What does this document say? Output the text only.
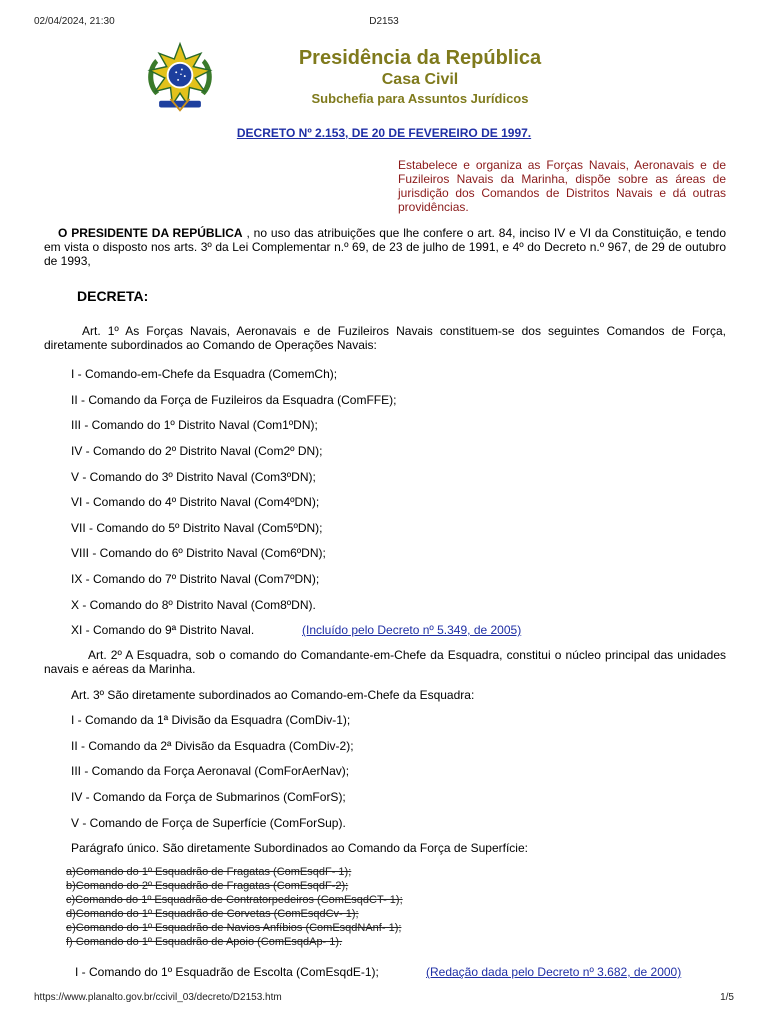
02/04/2024, 21:30	D2153
Presidência da República
Casa Civil
Subchefia para Assuntos Jurídicos
DECRETO Nº 2.153, DE 20 DE FEVEREIRO DE 1997.
Estabelece e organiza as Forças Navais, Aeronavais e de Fuzileiros Navais da Marinha, dispõe sobre as áreas de jurisdição dos Comandos de Distritos Navais e dá outras providências.
O PRESIDENTE DA REPÚBLICA , no uso das atribuições que lhe confere o art. 84, inciso IV e VI da Constituição, e tendo em vista o disposto nos arts. 3º da Lei Complementar n.º 69, de 23 de julho de 1991, e 4º do Decreto n.º 967, de 29 de outubro de 1993,
DECRETA:
Art. 1º As Forças Navais, Aeronavais e de Fuzileiros Navais constituem-se dos seguintes Comandos de Força, diretamente subordinados ao Comando de Operações Navais:
I - Comando-em-Chefe da Esquadra (ComemCh);
II - Comando da Força de Fuzileiros da Esquadra (ComFFE);
III - Comando do 1º Distrito Naval (Com1ºDN);
IV - Comando do 2º Distrito Naval (Com2º DN);
V - Comando do 3º Distrito Naval (Com3ºDN);
VI - Comando do 4º Distrito Naval (Com4ºDN);
VII - Comando do 5º Distrito Naval (Com5ºDN);
VIII - Comando do 6º Distrito Naval (Com6ºDN);
IX - Comando do 7º Distrito Naval (Com7ºDN);
X - Comando do 8º Distrito Naval (Com8ºDN).
XI - Comando do 9ª Distrito Naval.	(Incluído pelo Decreto nº 5.349, de 2005)
Art. 2º A Esquadra, sob o comando do Comandante-em-Chefe da Esquadra, constitui o núcleo principal das unidades navais e aéreas da Marinha.
Art. 3º São diretamente subordinados ao Comando-em-Chefe da Esquadra:
I - Comando da 1ª Divisão da Esquadra (ComDiv-1);
II - Comando da 2ª Divisão da Esquadra (ComDiv-2);
III - Comando da Força Aeronaval (ComForAerNav);
IV - Comando da Força de Submarinos (ComForS);
V - Comando de Força de Superfície (ComForSup).
Parágrafo único. São diretamente Subordinados ao Comando da Força de Superfície:
a)Comando do 1º Esquadrão de Fragatas (ComEsqdF- 1);
b)Comando do 2º Esquadrão de Fragatas (ComEsqdF-2);
c)Comando do 1º Esquadrão de Contratorpedeiros (ComEsqdCT- 1);
d)Comando do 1º Esquadrão de Corvetas (ComEsqdCv- 1);
e)Comando do 1º Esquadrão de Navios Anfíbios (ComEsqdNAnf- 1);
f) Comando do 1º Esquadrão de Apoio (ComEsqdAp- 1).
I - Comando do 1º Esquadrão de Escolta (ComEsqdE-1);	(Redação dada pelo Decreto nº 3.682, de 2000)
https://www.planalto.gov.br/ccivil_03/decreto/D2153.htm	1/5
